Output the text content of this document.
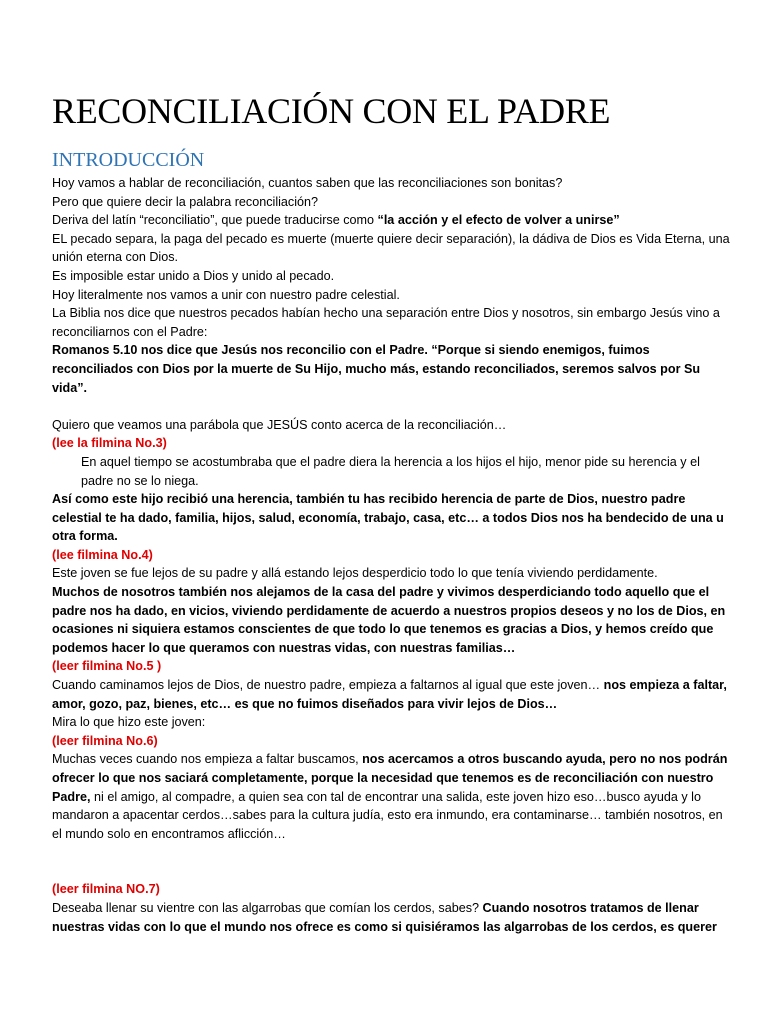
RECONCILIACIÓN CON EL PADRE
INTRODUCCIÓN

Hoy vamos a hablar de reconciliación, cuantos saben que las reconciliaciones son bonitas?

Pero que quiere decir la palabra reconciliación?

Deriva del latín “reconciliatio”, que puede traducirse como “la acción y el efecto de volver a unirse”

EL pecado separa, la paga del pecado es muerte (muerte quiere decir separación), la dádiva de Dios es Vida Eterna, una unión eterna con Dios.

Es imposible estar unido a Dios y unido al pecado.

Hoy literalmente nos vamos a unir con nuestro padre celestial.

La Biblia nos dice que nuestros pecados habían hecho una separación entre Dios y nosotros, sin embargo Jesús vino a reconciliarnos con el Padre:

Romanos 5.10 nos dice que Jesús nos reconcilio con el Padre. “Porque si siendo enemigos, fuimos reconciliados con Dios por la muerte de Su Hijo, mucho más, estando reconciliados, seremos salvos por Su vida”.

Quiero que veamos una parábola que JESÚS conto acerca de la reconciliación…

(lee la filmina No.3)

En aquel tiempo se acostumbraba que el padre diera la herencia a los hijos el hijo, menor pide su herencia y el padre no se lo niega.

Así como este hijo recibió una herencia, también tu has recibido herencia de parte de Dios, nuestro padre celestial te ha dado, familia, hijos, salud, economía, trabajo, casa, etc… a todos Dios nos ha bendecido de una u otra forma.

(lee filmina No.4)

Este joven se fue lejos de su padre y allá estando lejos desperdicio todo lo que tenía viviendo perdidamente.

Muchos de nosotros también nos alejamos de la casa del padre y vivimos desperdiciando todo aquello que el padre nos ha dado, en vicios, viviendo perdidamente de acuerdo a nuestros propios deseos y no los de Dios, en ocasiones ni siquiera estamos conscientes de que todo lo que tenemos es gracias a Dios, y hemos creído que podemos hacer lo que queramos con nuestras vidas, con nuestras familias…

(leer filmina No.5 )

Cuando caminamos lejos de Dios, de nuestro padre, empieza a faltarnos al igual que este joven… nos empieza a faltar, amor, gozo, paz, bienes, etc… es que no fuimos diseñados para vivir lejos de Dios…

Mira lo que hizo este joven:

(leer filmina No.6)

Muchas veces cuando nos empieza a faltar buscamos, nos acercamos a otros buscando ayuda, pero no nos podrán ofrecer lo que nos saciará completamente, porque la necesidad que tenemos es de reconciliación con nuestro Padre, ni el amigo, al compadre, a quien sea con tal de encontrar una salida, este joven hizo eso…busco ayuda y lo mandaron a apacentar cerdos…sabes para la cultura judía, esto era inmundo, era contaminarse… también nosotros, en el mundo solo en encontramos aflicción…

(leer filmina NO.7)

Deseaba llenar su vientre con las algarrobas que comían los cerdos, sabes? Cuando nosotros tratamos de llenar nuestras vidas con lo que el mundo nos ofrece es como si quisiéramos las algarrobas de los cerdos, es querer
